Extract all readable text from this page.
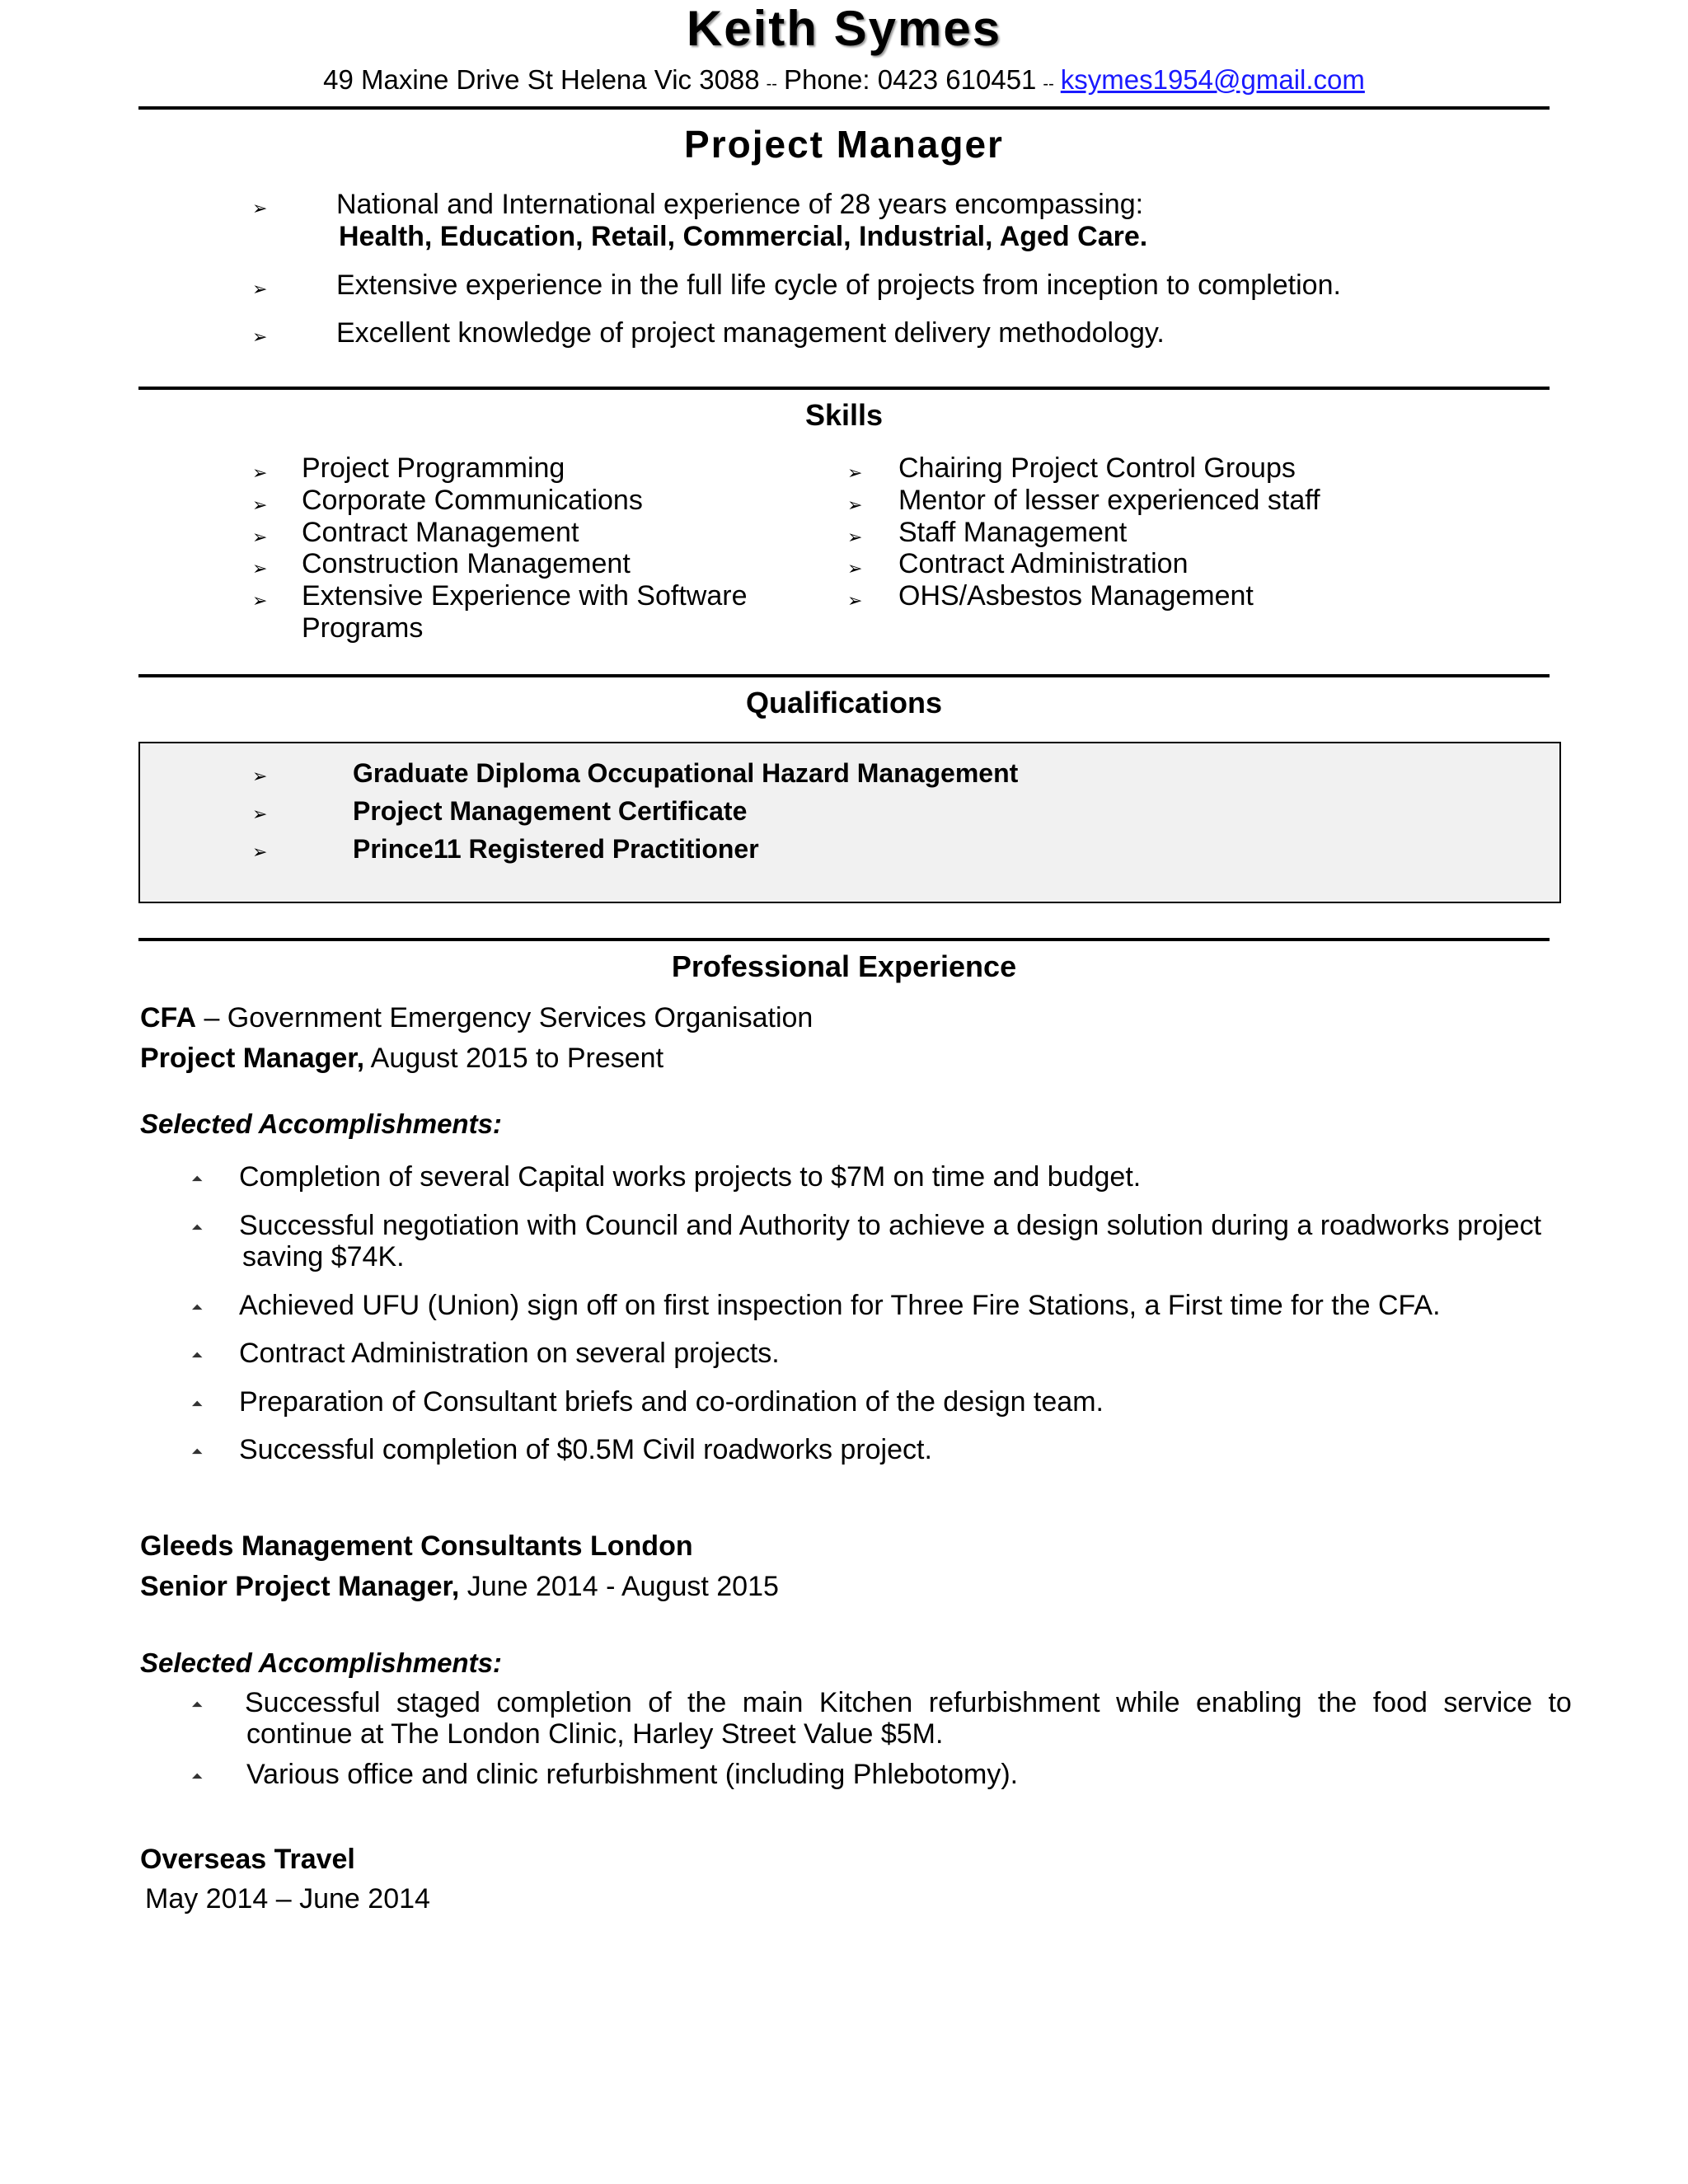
Keith Symes
49 Maxine Drive St Helena Vic 3088 -- Phone: 0423 610451 -- ksymes1954@gmail.com
Project Manager
➢ National and International experience of 28 years encompassing:
Health, Education, Retail, Commercial, Industrial, Aged Care.
➢ Extensive experience in the full life cycle of projects from inception to completion.
➢ Excellent knowledge of project management delivery methodology.
Skills
➢ Project Programming
➢ Corporate Communications
➢ Contract Management
➢ Construction Management
➢ Extensive Experience with Software
Programs
➢ Chairing Project Control Groups
➢ Mentor of lesser experienced staff
➢ Staff Management
➢ Contract Administration
➢ OHS/Asbestos Management
Qualifications
➢	Graduate Diploma Occupational Hazard Management
➢	Project Management Certificate
➢	Prince11 Registered Practitioner
Professional Experience
CFA – Government Emergency Services Organisation
Project Manager, August 2015 to Present
Selected Accomplishments:
⏶ Completion of several Capital works projects to $7M on time and budget.
⏶ Successful negotiation with Council and Authority to achieve a design solution during a roadworks project
saving $74K.
⏶ Achieved UFU (Union) sign off on first inspection for Three Fire Stations, a First time for the CFA.
⏶ Contract Administration on several projects.
⏶ Preparation of Consultant briefs and co-ordination of the design team.
⏶ Successful completion of $0.5M Civil roadworks project.
Gleeds Management Consultants London
Senior Project Manager, June 2014 - August 2015
Selected Accomplishments:
⏶ Successful staged completion of the main Kitchen refurbishment while enabling the food service to
continue at The London Clinic, Harley Street Value $5M.
⏶ Various office and clinic refurbishment (including Phlebotomy).
Overseas Travel
May 2014 – June 2014
